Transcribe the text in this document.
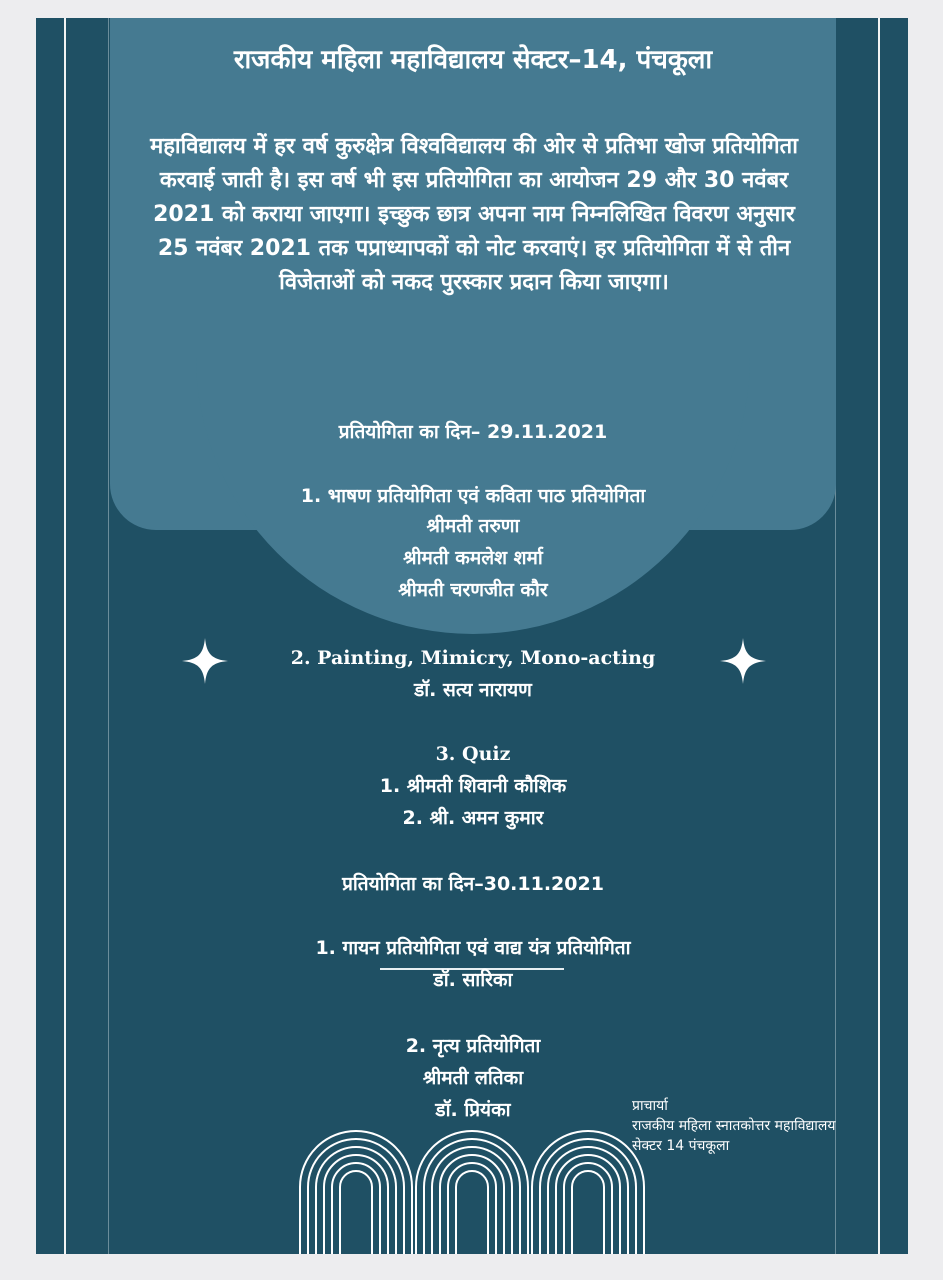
राजकीय महिला महाविद्यालय सेक्टर–14, पंचकूला
महाविद्यालय में हर वर्ष कुरुक्षेत्र विश्वविद्यालय की ओर से प्रतिभा खोज प्रतियोगिता करवाई जाती है। इस वर्ष भी इस प्रतियोगिता का आयोजन 29 और 30 नवंबर 2021 को कराया जाएगा। इच्छुक छात्र अपना नाम निम्नलिखित विवरण अनुसार 25 नवंबर 2021 तक पप्राध्यापकों को नोट करवाएं। हर प्रतियोगिता में से तीन विजेताओं को नकद पुरस्कार प्रदान किया जाएगा।
प्रतियोगिता का दिन– 29.11.2021
1. भाषण प्रतियोगिता एवं कविता पाठ प्रतियोगिता
श्रीमती तरुणा
श्रीमती कमलेश शर्मा
श्रीमती चरणजीत कौर
2. Painting, Mimicry, Mono-acting
डॉ. सत्य नारायण
3. Quiz
1. श्रीमती शिवानी कौशिक
2. श्री. अमन कुमार
प्रतियोगिता का दिन–30.11.2021
1. गायन प्रतियोगिता एवं वाद्य यंत्र प्रतियोगिता
डॉ. सारिका
2. नृत्य प्रतियोगिता
श्रीमती लतिका
डॉ. प्रियंका	प्राचार्या
राजकीय महिला स्नातकोत्तर महाविद्यालय
सेक्टर 14 पंचकूला
